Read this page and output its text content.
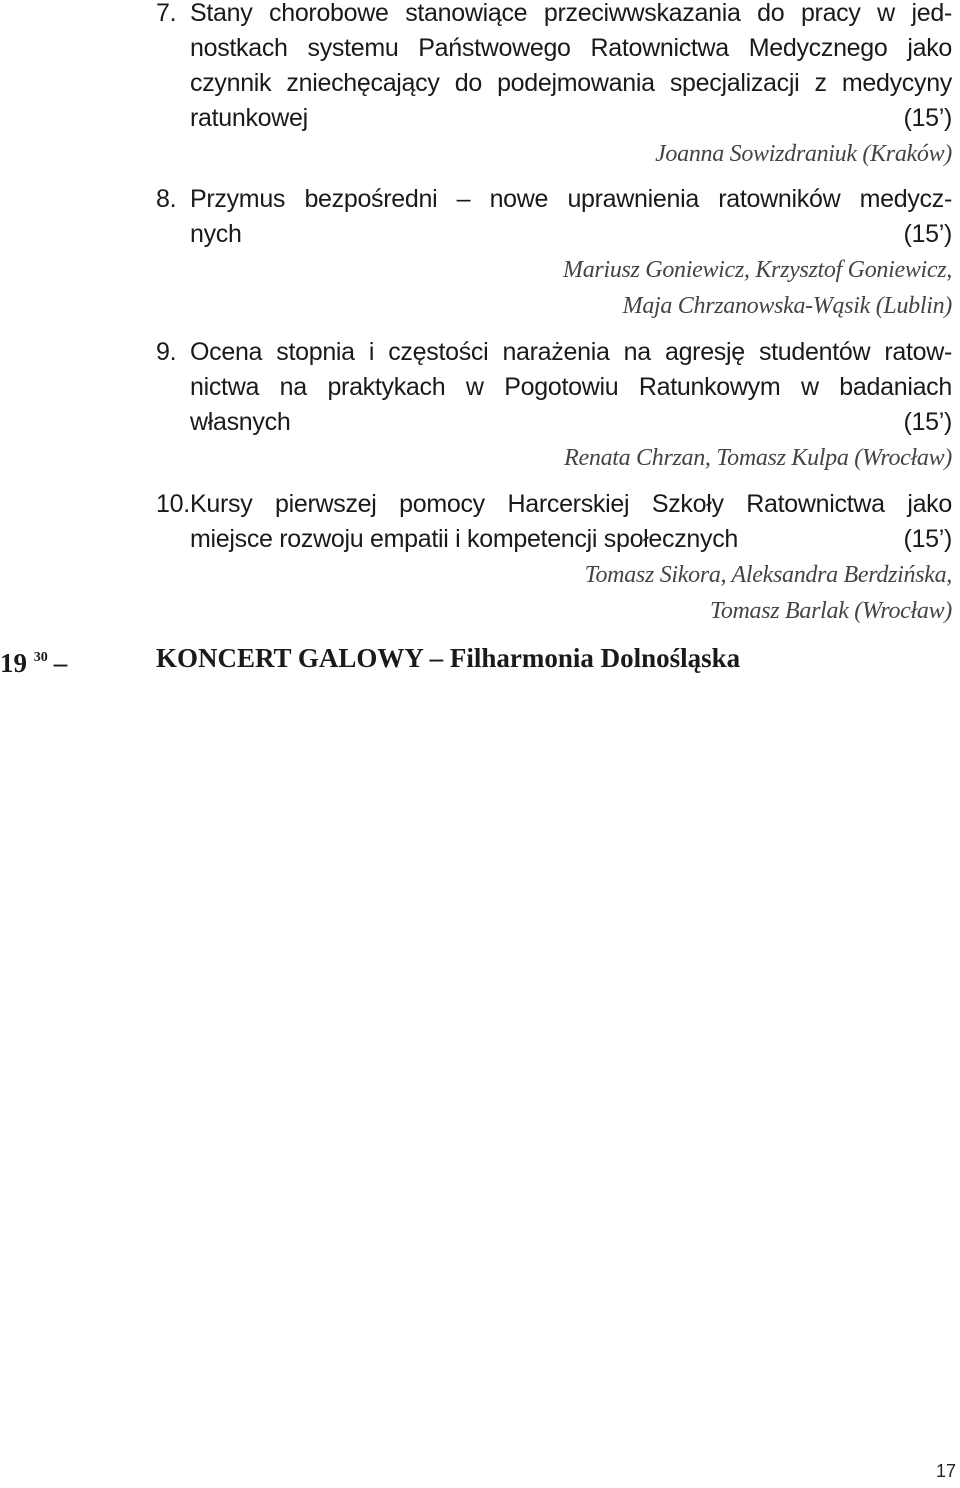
7. Stany chorobowe stanowiące przeciwwskazania do pracy w jed-
nostkach systemu Państwowego Ratownictwa Medycznego jako
czynnik zniechęcający do podejmowania specjalizacji z medycyny
ratunkowej	(15’)
Joanna Sowizdraniuk (Kraków)
8. Przymus bezpośredni – nowe uprawnienia ratowników medycz-
nych	(15’)
Mariusz Goniewicz, Krzysztof Goniewicz,
Maja Chrzanowska-Wąsik (Lublin)
9. Ocena stopnia i częstości narażenia na agresję studentów ratow-
nictwa na praktykach w Pogotowiu Ratunkowym w badaniach
własnych	(15’)
Renata Chrzan, Tomasz Kulpa (Wrocław)
10.Kursy pierwszej pomocy Harcerskiej Szkoły Ratownictwa jako
miejsce rozwoju empatii i kompetencji społecznych	(15’)
Tomasz Sikora, Aleksandra Berdzińska,
Tomasz Barlak (Wrocław)
19 $^{30}$ –	KONCERT GALOWY – Filharmonia Dolnośląska
17
